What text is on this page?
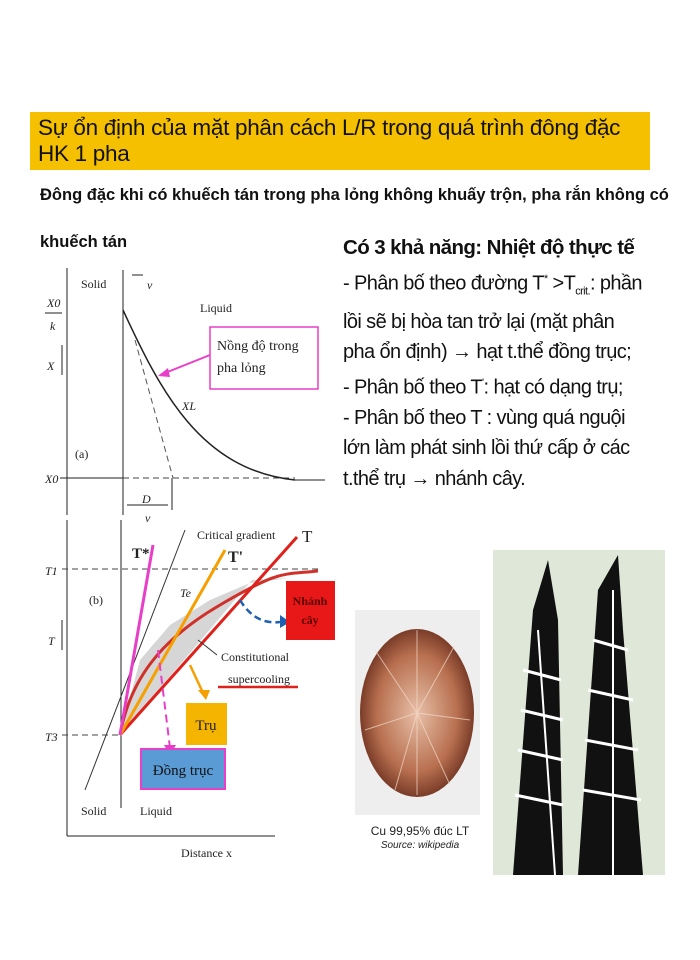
Sự ổn định của mặt phân cách L/R trong quá trình đông đặc HK 1 pha
Đông đặc khi có khuếch tán trong pha lỏng không khuấy trộn, pha rắn không có
khuếch tán	Có 3 khả năng: Nhiệt độ thực tế
- Phân bố theo đường $T^* >T_{crit.}$: phần
lồi sẽ bị hòa tan trở lại (mặt phân
pha ổn định) → hạt t.thể đồng trục;
- Phân bố theo T': hạt có dạng trụ;
- Phân bố theo T : vùng quá nguội
lớn làm phát sinh lồi thứ cấp ở các
t.thể trụ → nhánh cây.
Solid	v
Liquid
X0
k
X
XL
(a)
X0
D
v
Nồng độ trong
pha lỏng
T1
T3
(b)
T
Te
Critical gradient
T*	T'
T
Constitutional
supercooling
Solid	Liquid
Distance x
Nhánh
cây
Trụ
Đồng trục
Cu 99,95% đúc LT
Source: wikipedia
